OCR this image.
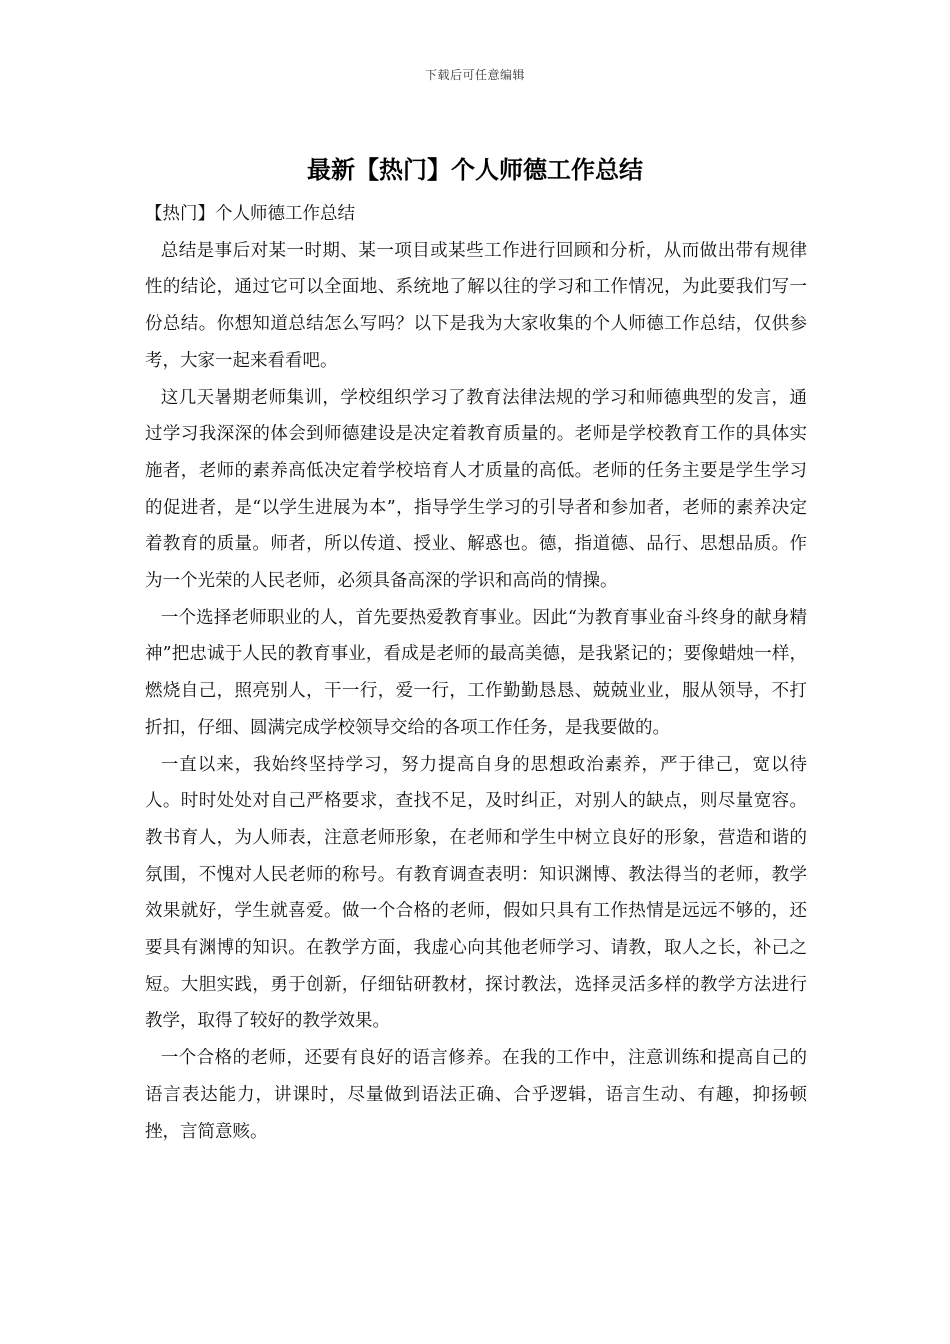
下载后可任意编辑
最新【热门】个人师德工作总结

【热门】个人师德工作总结

总结是事后对某一时期、某一项目或某些工作进行回顾和分析，从而做出带有规律性的结论，通过它可以全面地、系统地了解以往的学习和工作情况，为此要我们写一份总结。你想知道总结怎么写吗？以下是我为大家收集的个人师德工作总结，仅供参考，大家一起来看看吧。

这几天暑期老师集训，学校组织学习了教育法律法规的学习和师德典型的发言，通过学习我深深的体会到师德建设是决定着教育质量的。老师是学校教育工作的具体实施者，老师的素养高低决定着学校培育人才质量的高低。老师的任务主要是学生学习的促进者，是“以学生进展为本”，指导学生学习的引导者和参加者，老师的素养决定着教育的质量。师者，所以传道、授业、解惑也。德，指道德、品行、思想品质。作为一个光荣的人民老师，必须具备高深的学识和高尚的情操。

一个选择老师职业的人，首先要热爱教育事业。因此“为教育事业奋斗终身的献身精神”把忠诚于人民的教育事业，看成是老师的最高美德，是我紧记的；要像蜡烛一样，燃烧自己，照亮别人，干一行，爱一行，工作勤勤恳恳、兢兢业业，服从领导，不打折扣，仔细、圆满完成学校领导交给的各项工作任务，是我要做的。

一直以来，我始终坚持学习，努力提高自身的思想政治素养，严于律己，宽以待人。时时处处对自己严格要求，查找不足，及时纠正，对别人的缺点，则尽量宽容。教书育人，为人师表，注意老师形象，在老师和学生中树立良好的形象，营造和谐的氛围，不愧对人民老师的称号。有教育调查表明：知识渊博、教法得当的老师，教学效果就好，学生就喜爱。做一个合格的老师，假如只具有工作热情是远远不够的，还要具有渊博的知识。在教学方面，我虚心向其他老师学习、请教，取人之长，补己之短。大胆实践，勇于创新，仔细钻研教材，探讨教法，选择灵活多样的教学方法进行教学，取得了较好的教学效果。

一个合格的老师，还要有良好的语言修养。在我的工作中，注意训练和提高自己的语言表达能力，讲课时，尽量做到语法正确、合乎逻辑，语言生动、有趣，抑扬顿挫，言简意赅。
